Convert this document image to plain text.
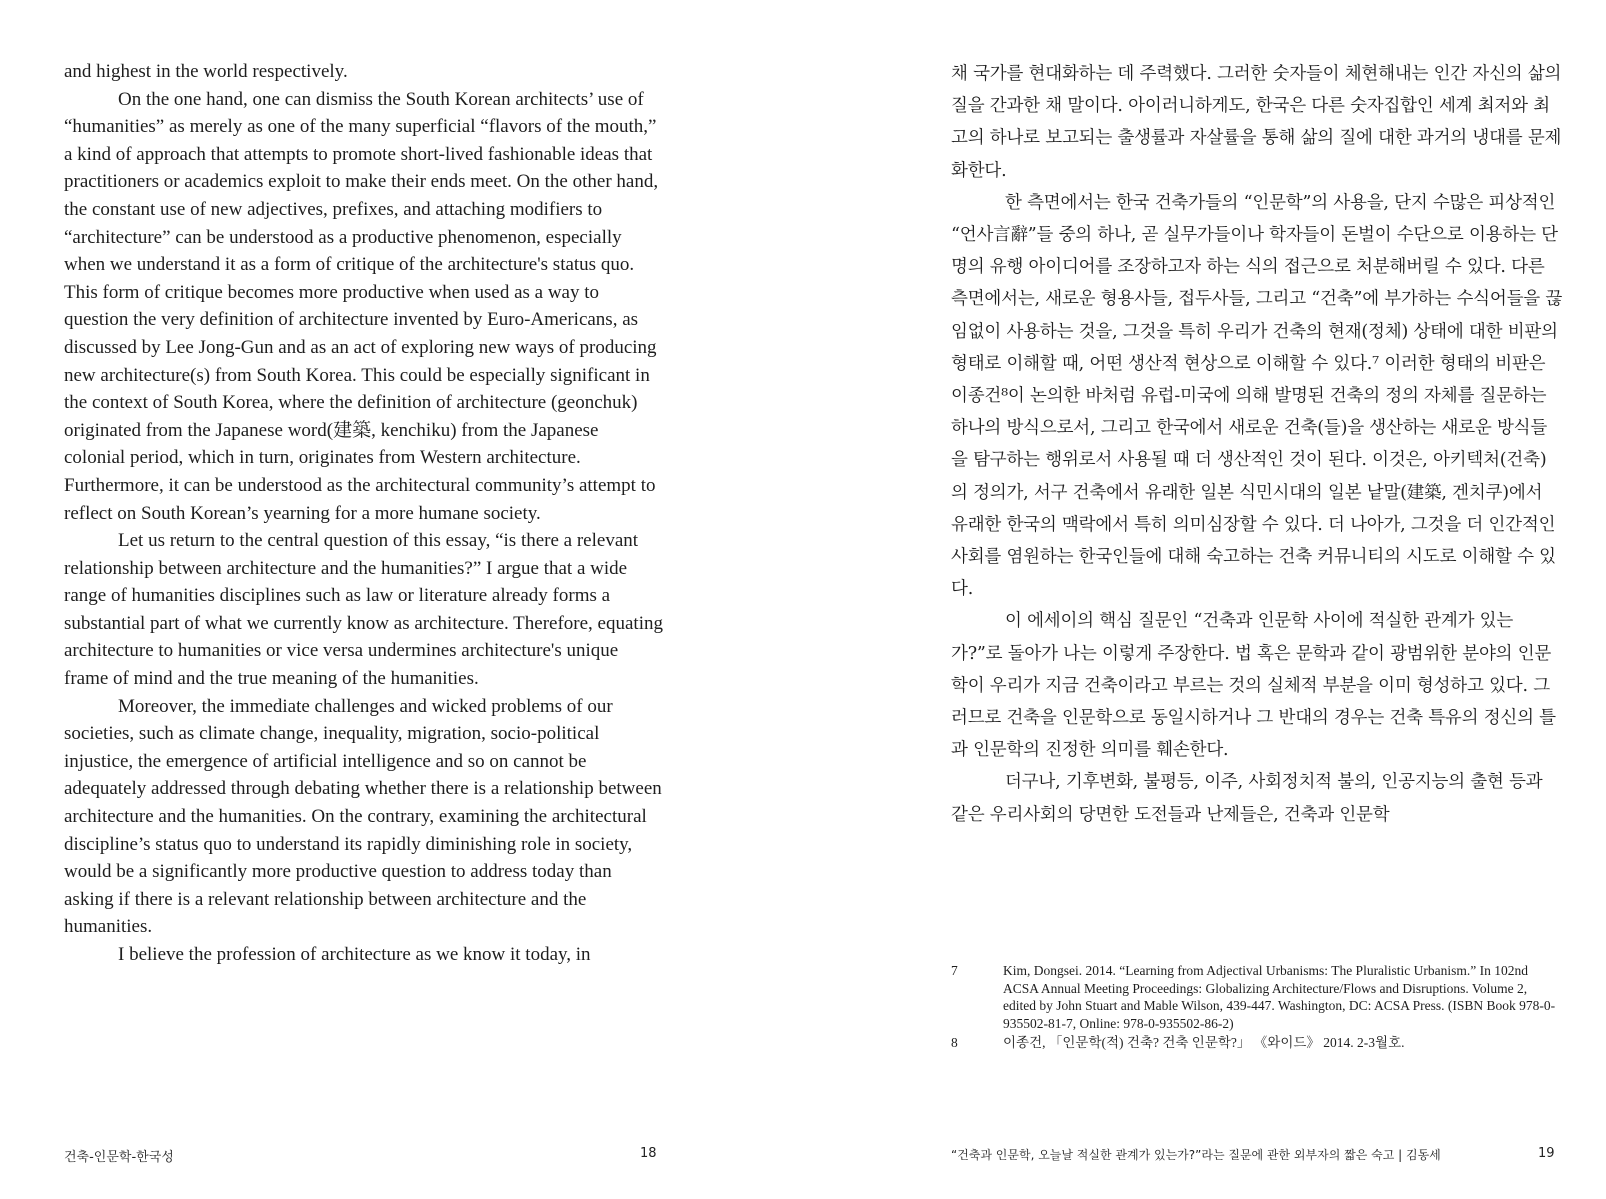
and highest in the world respectively.

On the one hand, one can dismiss the South Korean architects’ use of “humanities” as merely as one of the many superficial “flavors of the mouth,” a kind of approach that attempts to promote short-lived fashionable ideas that practitioners or academics exploit to make their ends meet. On the other hand, the constant use of new adjectives, prefixes, and attaching modifiers to “architecture” can be understood as a productive phenomenon, especially when we understand it as a form of critique of the architecture's status quo. This form of critique becomes more productive when used as a way to question the very definition of architecture invented by Euro-Americans, as discussed by Lee Jong-Gun and as an act of exploring new ways of producing new architecture(s) from South Korea. This could be especially significant in the context of South Korea, where the definition of architecture (geonchuk) originated from the Japanese word(建築, kenchiku) from the Japanese colonial period, which in turn, originates from Western architecture. Furthermore, it can be understood as the architectural community’s attempt to reflect on South Korean’s yearning for a more humane society.

Let us return to the central question of this essay, “is there a relevant relationship between architecture and the humanities?” I argue that a wide range of humanities disciplines such as law or literature already forms a substantial part of what we currently know as architecture. Therefore, equating architecture to humanities or vice versa undermines architecture's unique frame of mind and the true meaning of the humanities.

Moreover, the immediate challenges and wicked problems of our societies, such as climate change, inequality, migration, socio-political injustice, the emergence of artificial intelligence and so on cannot be adequately addressed through debating whether there is a relationship between architecture and the humanities. On the contrary, examining the architectural discipline’s status quo to understand its rapidly diminishing role in society, would be a significantly more productive question to address today than asking if there is a relevant relationship between architecture and the humanities.

I believe the profession of architecture as we know it today, in

건축-인문학-한국성	18

채 국가를 현대화하는 데 주력했다. 그러한 숫자들이 체현해내는 인간 자신의 삶의 질을 간과한 채 말이다. 아이러니하게도, 한국은 다른 숫자집합인 세계 최저와 최고의 하나로 보고되는 출생률과 자살률을 통해 삶의 질에 대한 과거의 냉대를 문제화한다.

한 측면에서는 한국 건축가들의 “인문학”의 사용을, 단지 수많은 피상적인 “언사言辭”들 중의 하나, 곧 실무가들이나 학자들이 돈벌이 수단으로 이용하는 단명의 유행 아이디어를 조장하고자 하는 식의 접근으로 처분해버릴 수 있다. 다른 측면에서는, 새로운 형용사들, 접두사들, 그리고 “건축”에 부가하는 수식어들을 끊임없이 사용하는 것을, 그것을 특히 우리가 건축의 현재(정체) 상태에 대한 비판의 형태로 이해할 때, 어떤 생산적 현상으로 이해할 수 있다.⁷ 이러한 형태의 비판은 이종건⁸이 논의한 바처럼 유럽-미국에 의해 발명된 건축의 정의 자체를 질문하는 하나의 방식으로서, 그리고 한국에서 새로운 건축(들)을 생산하는 새로운 방식들을 탐구하는 행위로서 사용될 때 더 생산적인 것이 된다. 이것은, 아키텍처(건축)의 정의가, 서구 건축에서 유래한 일본 식민시대의 일본 낱말(建築, 겐치쿠)에서 유래한 한국의 맥락에서 특히 의미심장할 수 있다. 더 나아가, 그것을 더 인간적인 사회를 염원하는 한국인들에 대해 숙고하는 건축 커뮤니티의 시도로 이해할 수 있다.

이 에세이의 핵심 질문인 “건축과 인문학 사이에 적실한 관계가 있는가?”로 돌아가 나는 이렇게 주장한다. 법 혹은 문학과 같이 광범위한 분야의 인문학이 우리가 지금 건축이라고 부르는 것의 실체적 부분을 이미 형성하고 있다. 그러므로 건축을 인문학으로 동일시하거나 그 반대의 경우는 건축 특유의 정신의 틀과 인문학의 진정한 의미를 훼손한다.

더구나, 기후변화, 불평등, 이주, 사회정치적 불의, 인공지능의 출현 등과 같은 우리사회의 당면한 도전들과 난제들은, 건축과 인문학

7	Kim, Dongsei. 2014. “Learning from Adjectival Urbanisms: The Pluralistic Urbanism.” In 102nd ACSA Annual Meeting Proceedings: Globalizing Architecture/Flows and Disruptions. Volume 2, edited by John Stuart and Mable Wilson, 439-447. Washington, DC: ACSA Press. (ISBN Book 978-0-935502-81-7, Online: 978-0-935502-86-2)
8	이종건, 「인문학(적) 건축? 건축 인문학?」 《와이드》 2014. 2-3월호.
“건축과 인문학, 오늘날 적실한 관계가 있는가?”라는 질문에 관한 외부자의 짧은 숙고 | 김동세	19
